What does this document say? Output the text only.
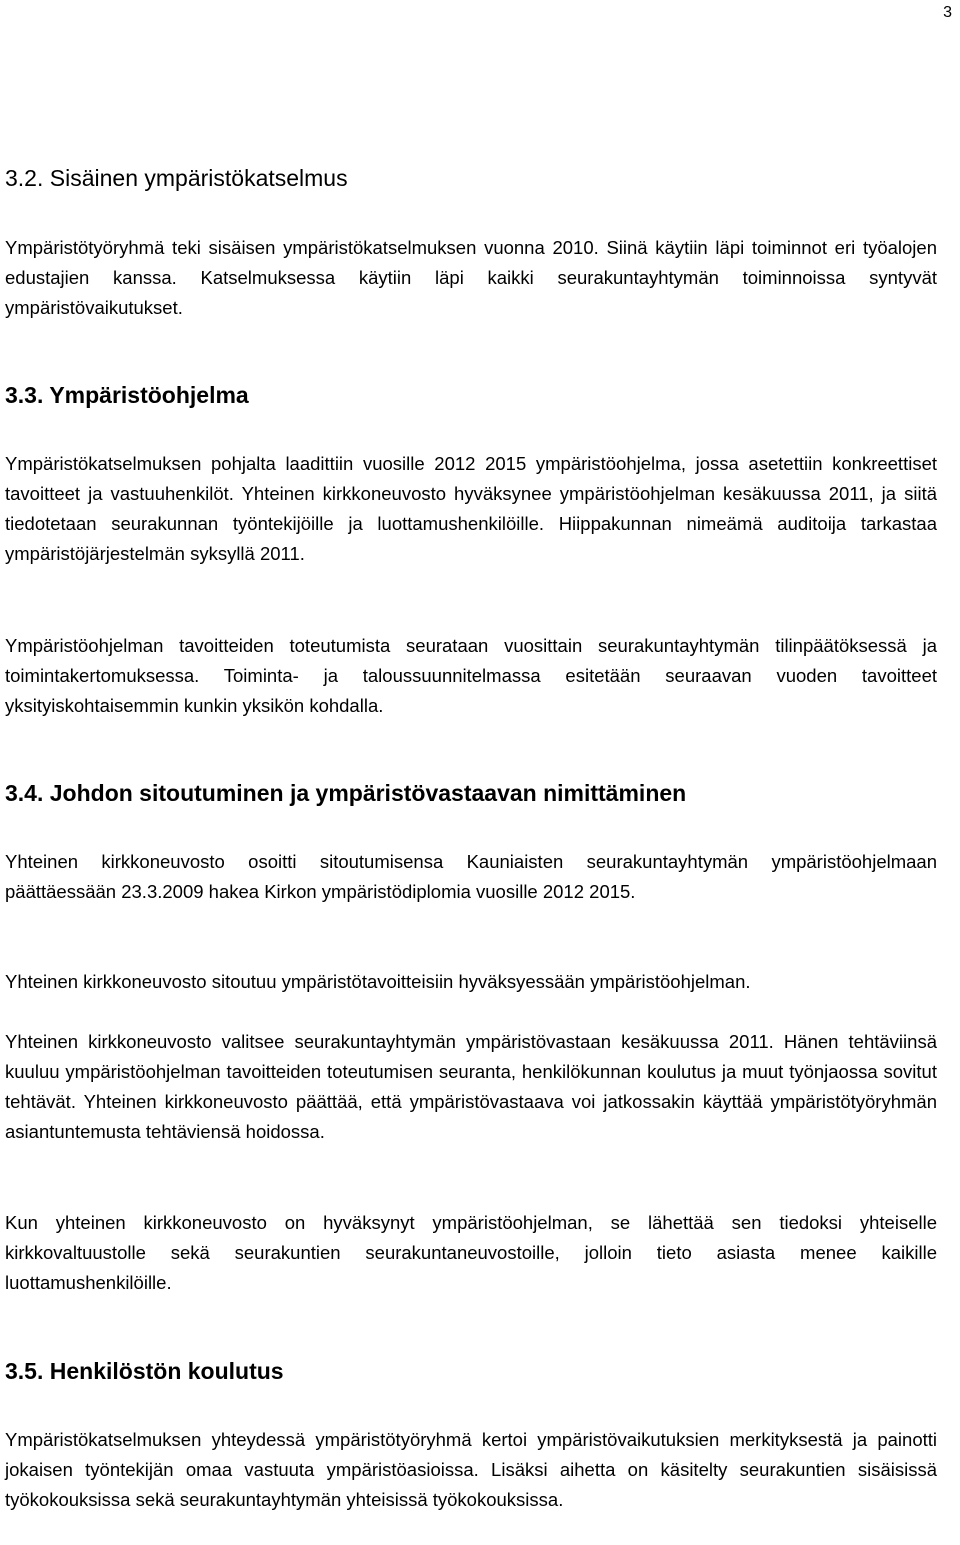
3
3.2. Sisäinen ympäristökatselmus

Ympäristötyöryhmä teki sisäisen ympäristökatselmuksen vuonna 2010. Siinä käytiin läpi toiminnot eri työalojen edustajien kanssa. Katselmuksessa käytiin läpi kaikki seurakuntayhtymän toiminnoissa syntyvät ympäristövaikutukset.

3.3. Ympäristöohjelma

Ympäristökatselmuksen pohjalta laadittiin vuosille 2012 2015 ympäristöohjelma, jossa asetettiin konkreettiset tavoitteet ja vastuuhenkilöt. Yhteinen kirkkoneuvosto hyväksynee ympäristöohjelman kesäkuussa 2011, ja siitä tiedotetaan seurakunnan työntekijöille ja luottamushenkilöille. Hiippakunnan nimeämä auditoija tarkastaa ympäristöjärjestelmän syksyllä 2011.

Ympäristöohjelman tavoitteiden toteutumista seurataan vuosittain seurakuntayhtymän tilinpäätöksessä ja toimintakertomuksessa. Toiminta- ja taloussuunnitelmassa esitetään seuraavan vuoden tavoitteet yksityiskohtaisemmin kunkin yksikön kohdalla.

3.4. Johdon sitoutuminen ja ympäristövastaavan nimittäminen

Yhteinen kirkkoneuvosto osoitti sitoutumisensa Kauniaisten seurakuntayhtymän ympäristöohjelmaan päättäessään 23.3.2009 hakea Kirkon ympäristödiplomia vuosille 2012 2015.

Yhteinen kirkkoneuvosto sitoutuu ympäristötavoitteisiin hyväksyessään ympäristöohjelman.

Yhteinen kirkkoneuvosto valitsee seurakuntayhtymän ympäristövastaan kesäkuussa 2011. Hänen tehtäviinsä kuuluu ympäristöohjelman tavoitteiden toteutumisen seuranta, henkilökunnan koulutus ja muut työnjaossa sovitut tehtävät. Yhteinen kirkkoneuvosto päättää, että ympäristövastaava voi jatkossakin käyttää ympäristötyöryhmän asiantuntemusta tehtäviensä hoidossa.

Kun yhteinen kirkkoneuvosto on hyväksynyt ympäristöohjelman, se lähettää sen tiedoksi yhteiselle kirkkovaltuustolle sekä seurakuntien seurakuntaneuvostoille, jolloin tieto asiasta menee kaikille luottamushenkilöille.

3.5. Henkilöstön koulutus

Ympäristökatselmuksen yhteydessä ympäristötyöryhmä kertoi ympäristövaikutuksien merkityksestä ja painotti jokaisen työntekijän omaa vastuuta ympäristöasioissa. Lisäksi aihetta on käsitelty seurakuntien sisäisissä työkokouksissa sekä seurakuntayhtymän yhteisissä työkokouksissa.
